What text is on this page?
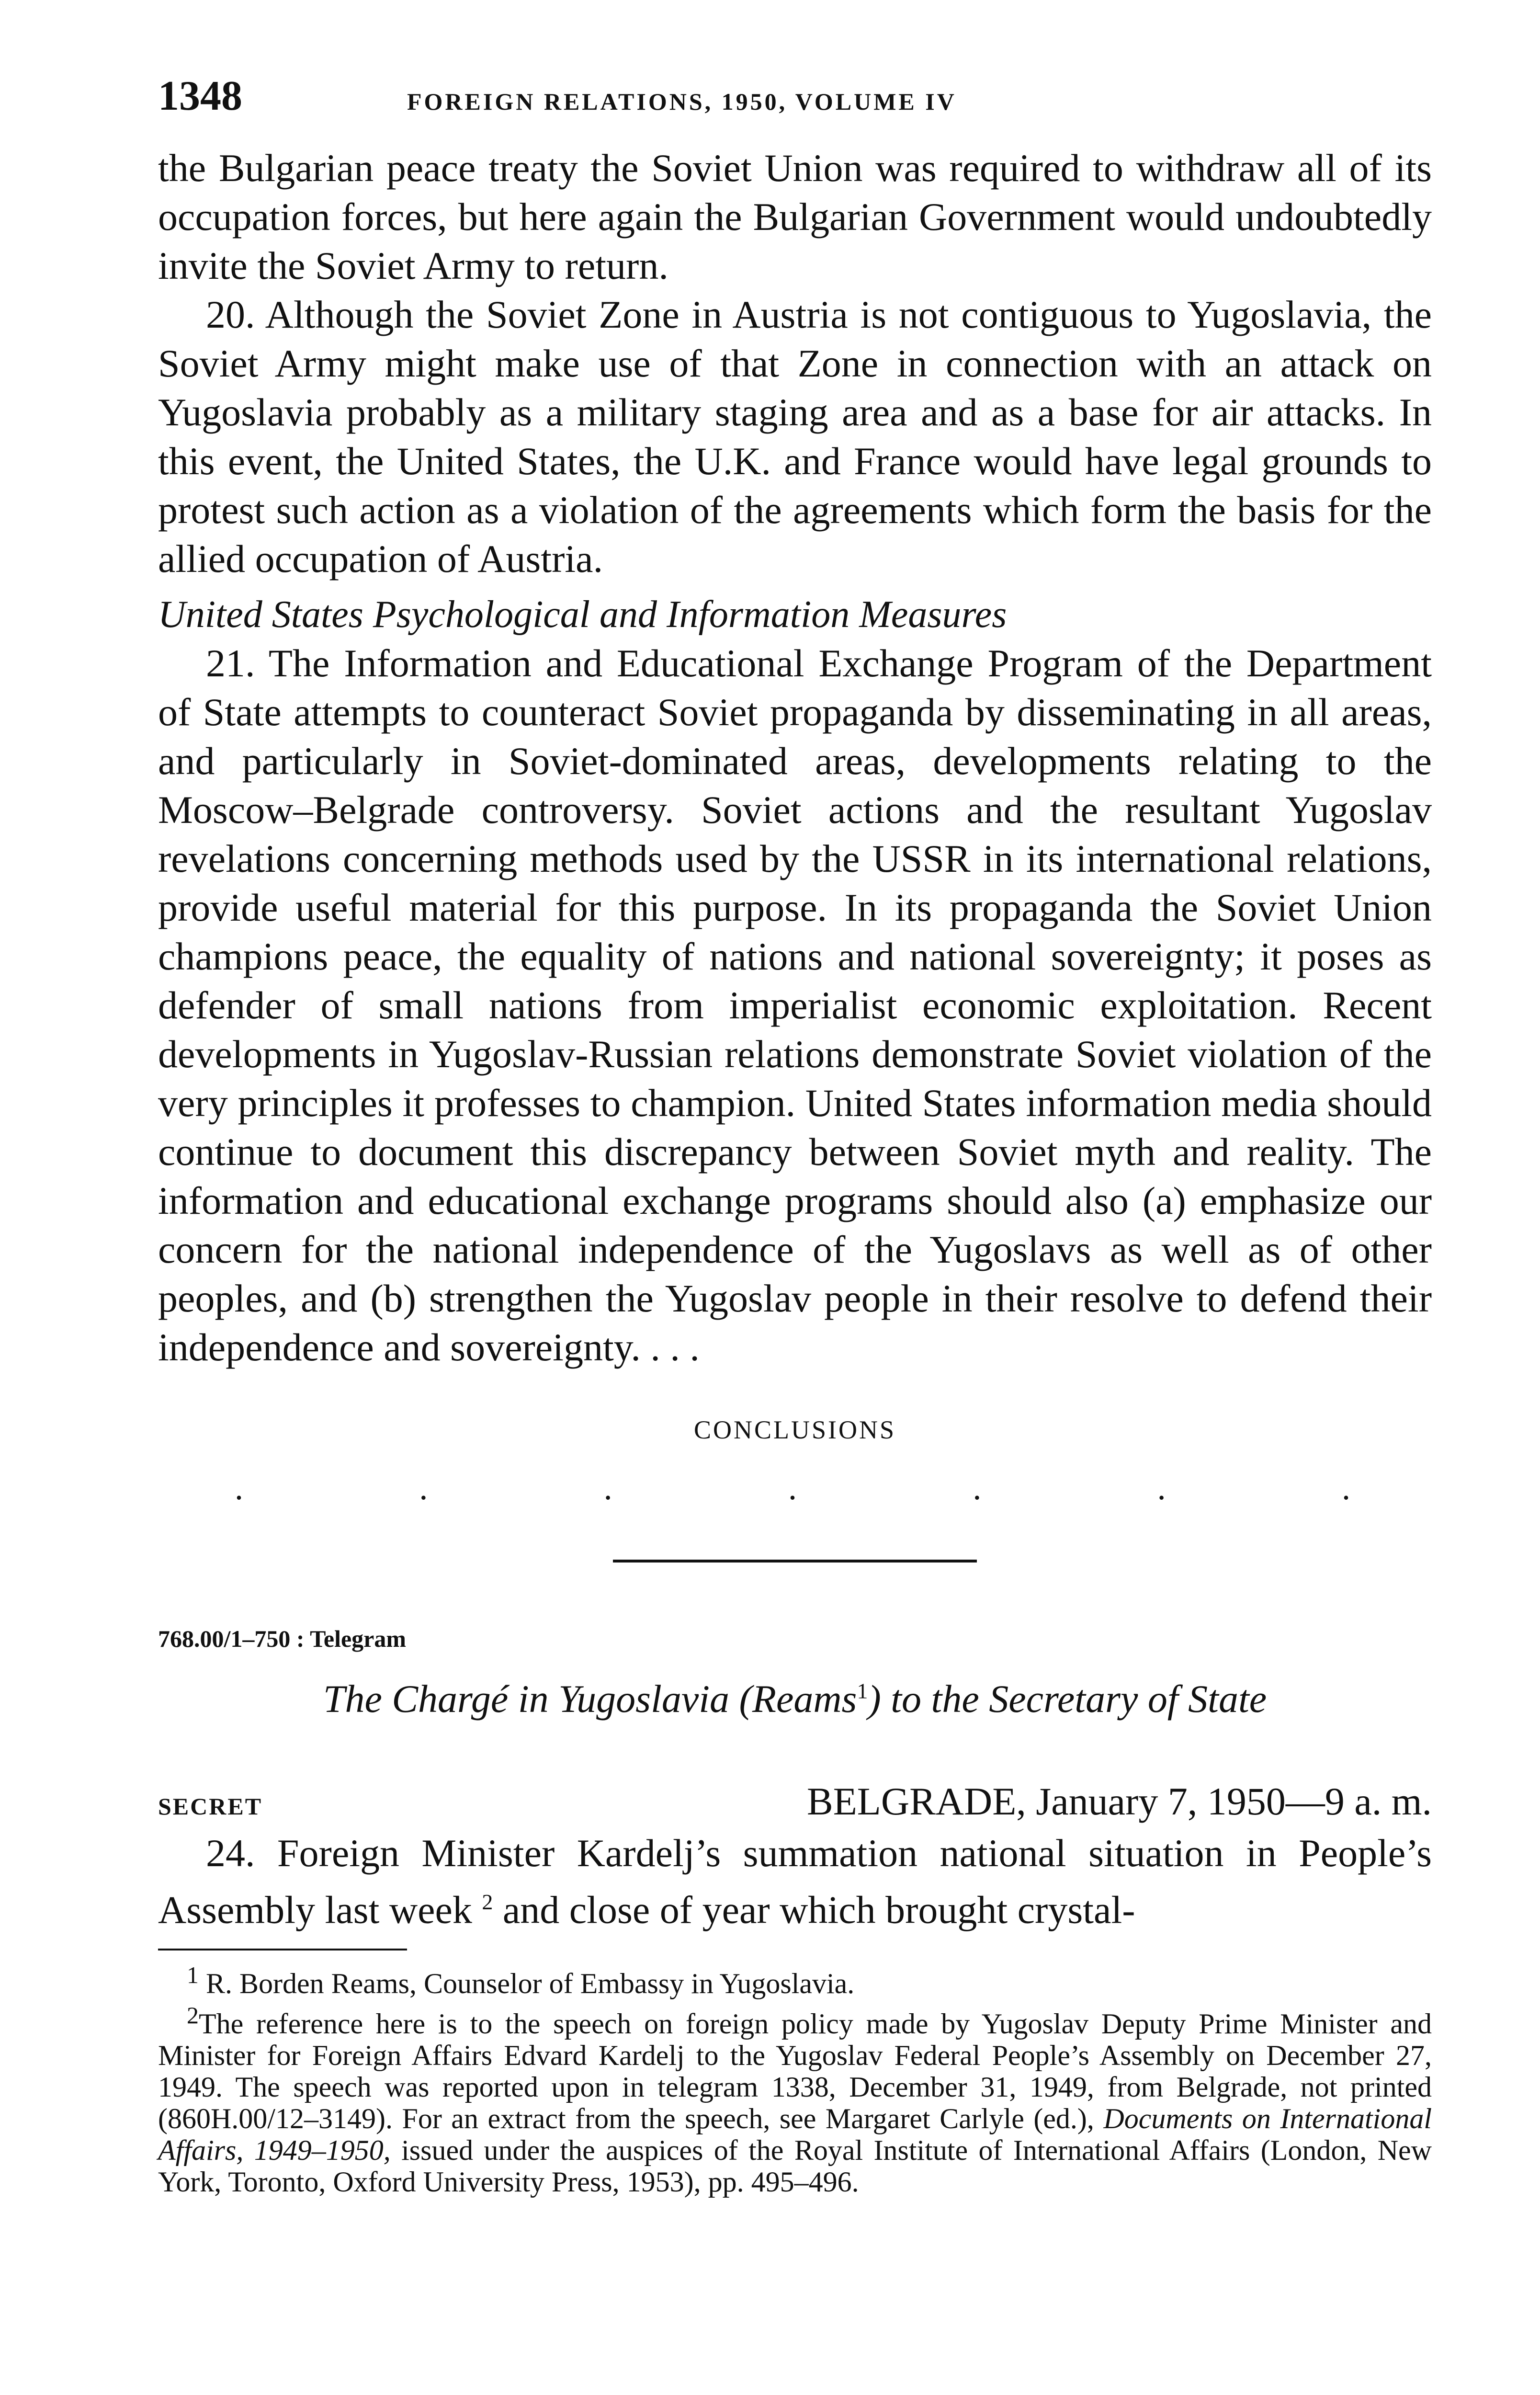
1348	FOREIGN RELATIONS, 1950, VOLUME IV

the Bulgarian peace treaty the Soviet Union was required to withdraw all of its occupation forces, but here again the Bulgarian Government would undoubtedly invite the Soviet Army to return.

20. Although the Soviet Zone in Austria is not contiguous to Yugoslavia, the Soviet Army might make use of that Zone in connection with an attack on Yugoslavia probably as a military staging area and as a base for air attacks. In this event, the United States, the U.K. and France would have legal grounds to protest such action as a violation of the agreements which form the basis for the allied occupation of Austria.

United States Psychological and Information Measures

21. The Information and Educational Exchange Program of the Department of State attempts to counteract Soviet propaganda by disseminating in all areas, and particularly in Soviet-dominated areas, developments relating to the Moscow–Belgrade controversy. Soviet actions and the resultant Yugoslav revelations concerning methods used by the USSR in its international relations, provide useful material for this purpose. In its propaganda the Soviet Union champions peace, the equality of nations and national sovereignty; it poses as defender of small nations from imperialist economic exploitation. Recent developments in Yugoslav-Russian relations demonstrate Soviet violation of the very principles it professes to champion. United States information media should continue to document this discrepancy between Soviet myth and reality. The information and educational exchange programs should also (a) emphasize our concern for the national independence of the Yugoslavs as well as of other peoples, and (b) strengthen the Yugoslav people in their resolve to defend their independence and sovereignty. . . .

CONCLUSIONS
.	.	.	.	.	.	.
768.00/1–750 : Telegram
The Chargé in Yugoslavia (Reams$^1$) to the Secretary of State
SECRET	BELGRADE, January 7, 1950—9 a. m.

24. Foreign Minister Kardelj’s summation national situation in People’s Assembly last week $^2$ and close of year which brought crystal-

$^1$ R. Borden Reams, Counselor of Embassy in Yugoslavia.

$^2$The reference here is to the speech on foreign policy made by Yugoslav Deputy Prime Minister and Minister for Foreign Affairs Edvard Kardelj to the Yugoslav Federal People’s Assembly on December 27, 1949. The speech was reported upon in telegram 1338, December 31, 1949, from Belgrade, not printed (860H.00/12–3149). For an extract from the speech, see Margaret Carlyle (ed.), Documents on International Affairs, 1949–1950, issued under the auspices of the Royal Institute of International Affairs (London, New York, Toronto, Oxford University Press, 1953), pp. 495–496.
